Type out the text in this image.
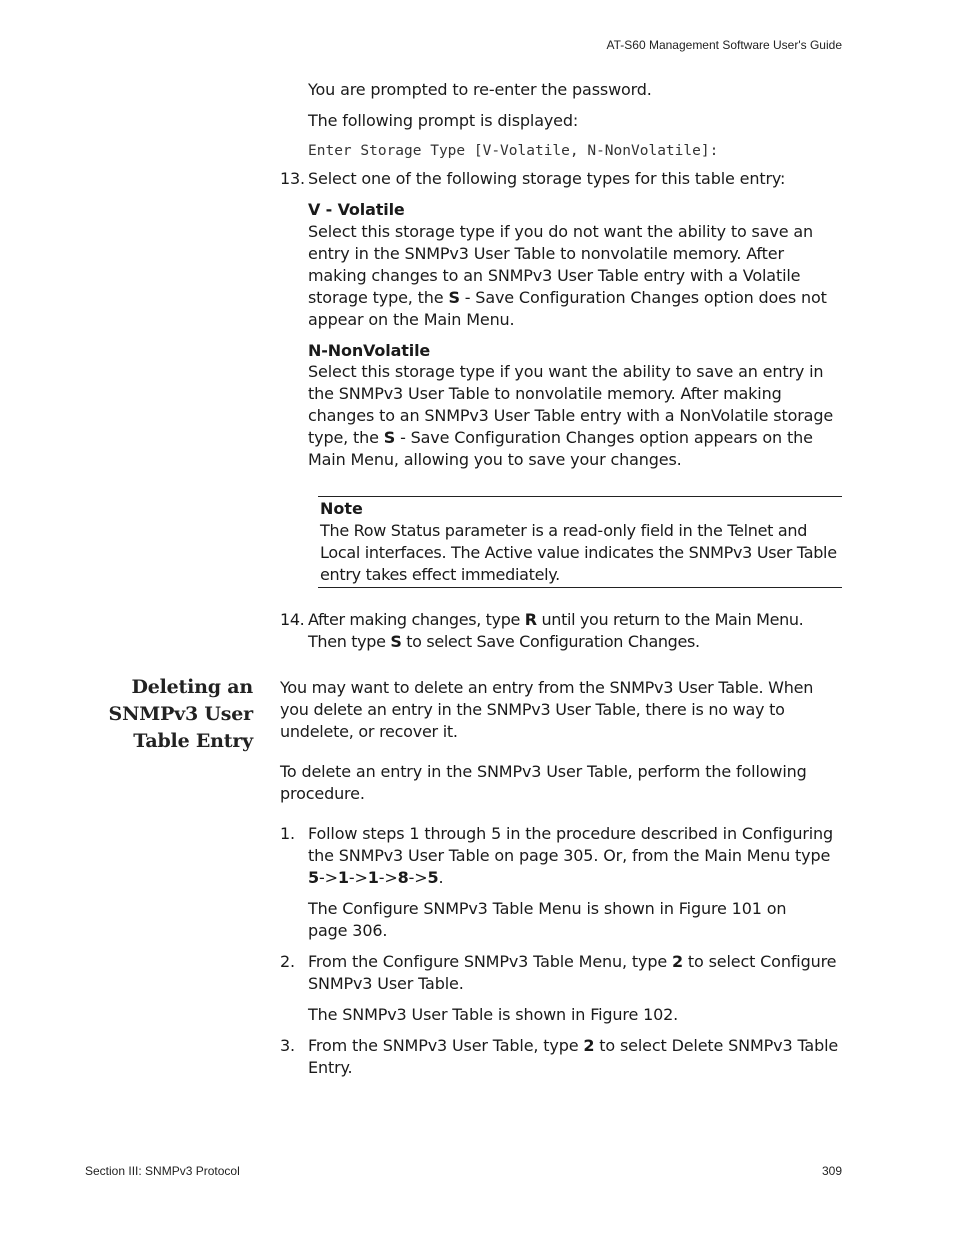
AT-S60 Management Software User's Guide
You are prompted to re-enter the password.
The following prompt is displayed:
Enter Storage Type [V-Volatile, N-NonVolatile]:
13. Select one of the following storage types for this table entry:
V - Volatile
Select this storage type if you do not want the ability to save an entry in the SNMPv3 User Table to nonvolatile memory. After making changes to an SNMPv3 User Table entry with a Volatile storage type, the S - Save Configuration Changes option does not appear on the Main Menu.
N-NonVolatile
Select this storage type if you want the ability to save an entry in the SNMPv3 User Table to nonvolatile memory. After making changes to an SNMPv3 User Table entry with a NonVolatile storage type, the S - Save Configuration Changes option appears on the Main Menu, allowing you to save your changes.
Note
The Row Status parameter is a read-only field in the Telnet and Local interfaces. The Active value indicates the SNMPv3 User Table entry takes effect immediately.
14. After making changes, type R until you return to the Main Menu. Then type S to select Save Configuration Changes.
Deleting an
SNMPv3 User
Table Entry
You may want to delete an entry from the SNMPv3 User Table. When you delete an entry in the SNMPv3 User Table, there is no way to undelete, or recover it.
To delete an entry in the SNMPv3 User Table, perform the following procedure.
1. Follow steps 1 through 5 in the procedure described in Configuring the SNMPv3 User Table on page 305. Or, from the Main Menu type 5->1->1->8->5.
The Configure SNMPv3 Table Menu is shown in Figure 101 on page 306.
2. From the Configure SNMPv3 Table Menu, type 2 to select Configure SNMPv3 User Table.
The SNMPv3 User Table is shown in Figure 102.
3. From the SNMPv3 User Table, type 2 to select Delete SNMPv3 Table Entry.
Section III: SNMPv3 Protocol	309
